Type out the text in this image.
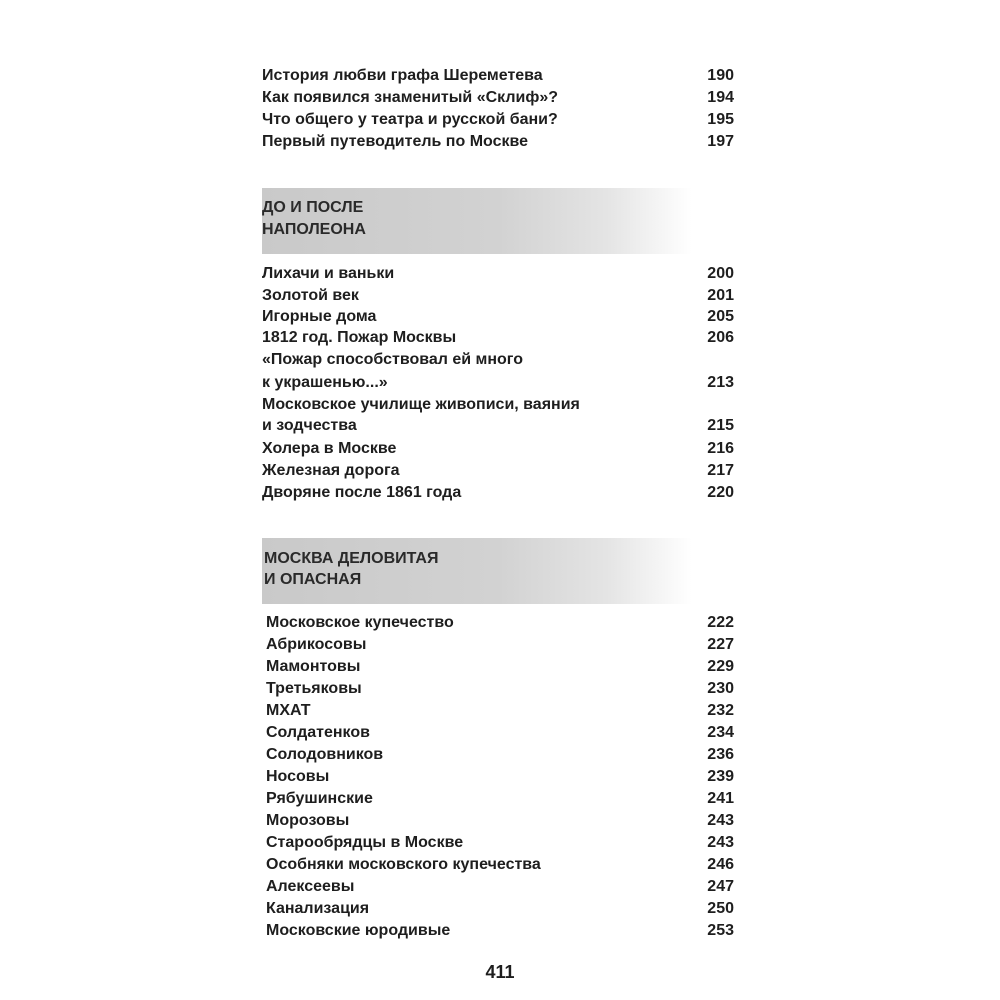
История любви графа Шереметева	190
Как появился знаменитый «Склиф»?	194
Что общего у театра и русской бани?	195
Первый путеводитель по Москве	197
ДО И ПОСЛЕ
НАПОЛЕОНА
Лихачи и ваньки	200
Золотой век	201
Игорные дома	205
1812 год. Пожар Москвы	206
«Пожар способствовал ей много
к украшенью...»	213
Московское училище живописи, ваяния
и зодчества	215
Холера в Москве	216
Железная дорога	217
Дворяне после 1861 года	220
МОСКВА ДЕЛОВИТАЯ
И ОПАСНАЯ
Московское купечество	222
Абрикосовы	227
Мамонтовы	229
Третьяковы	230
МХАТ	232
Солдатенков	234
Солодовников	236
Носовы	239
Рябушинские	241
Морозовы	243
Старообрядцы в Москве	243
Особняки московского купечества	246
Алексеевы	247
Канализация	250
Московские юродивые	253
411
